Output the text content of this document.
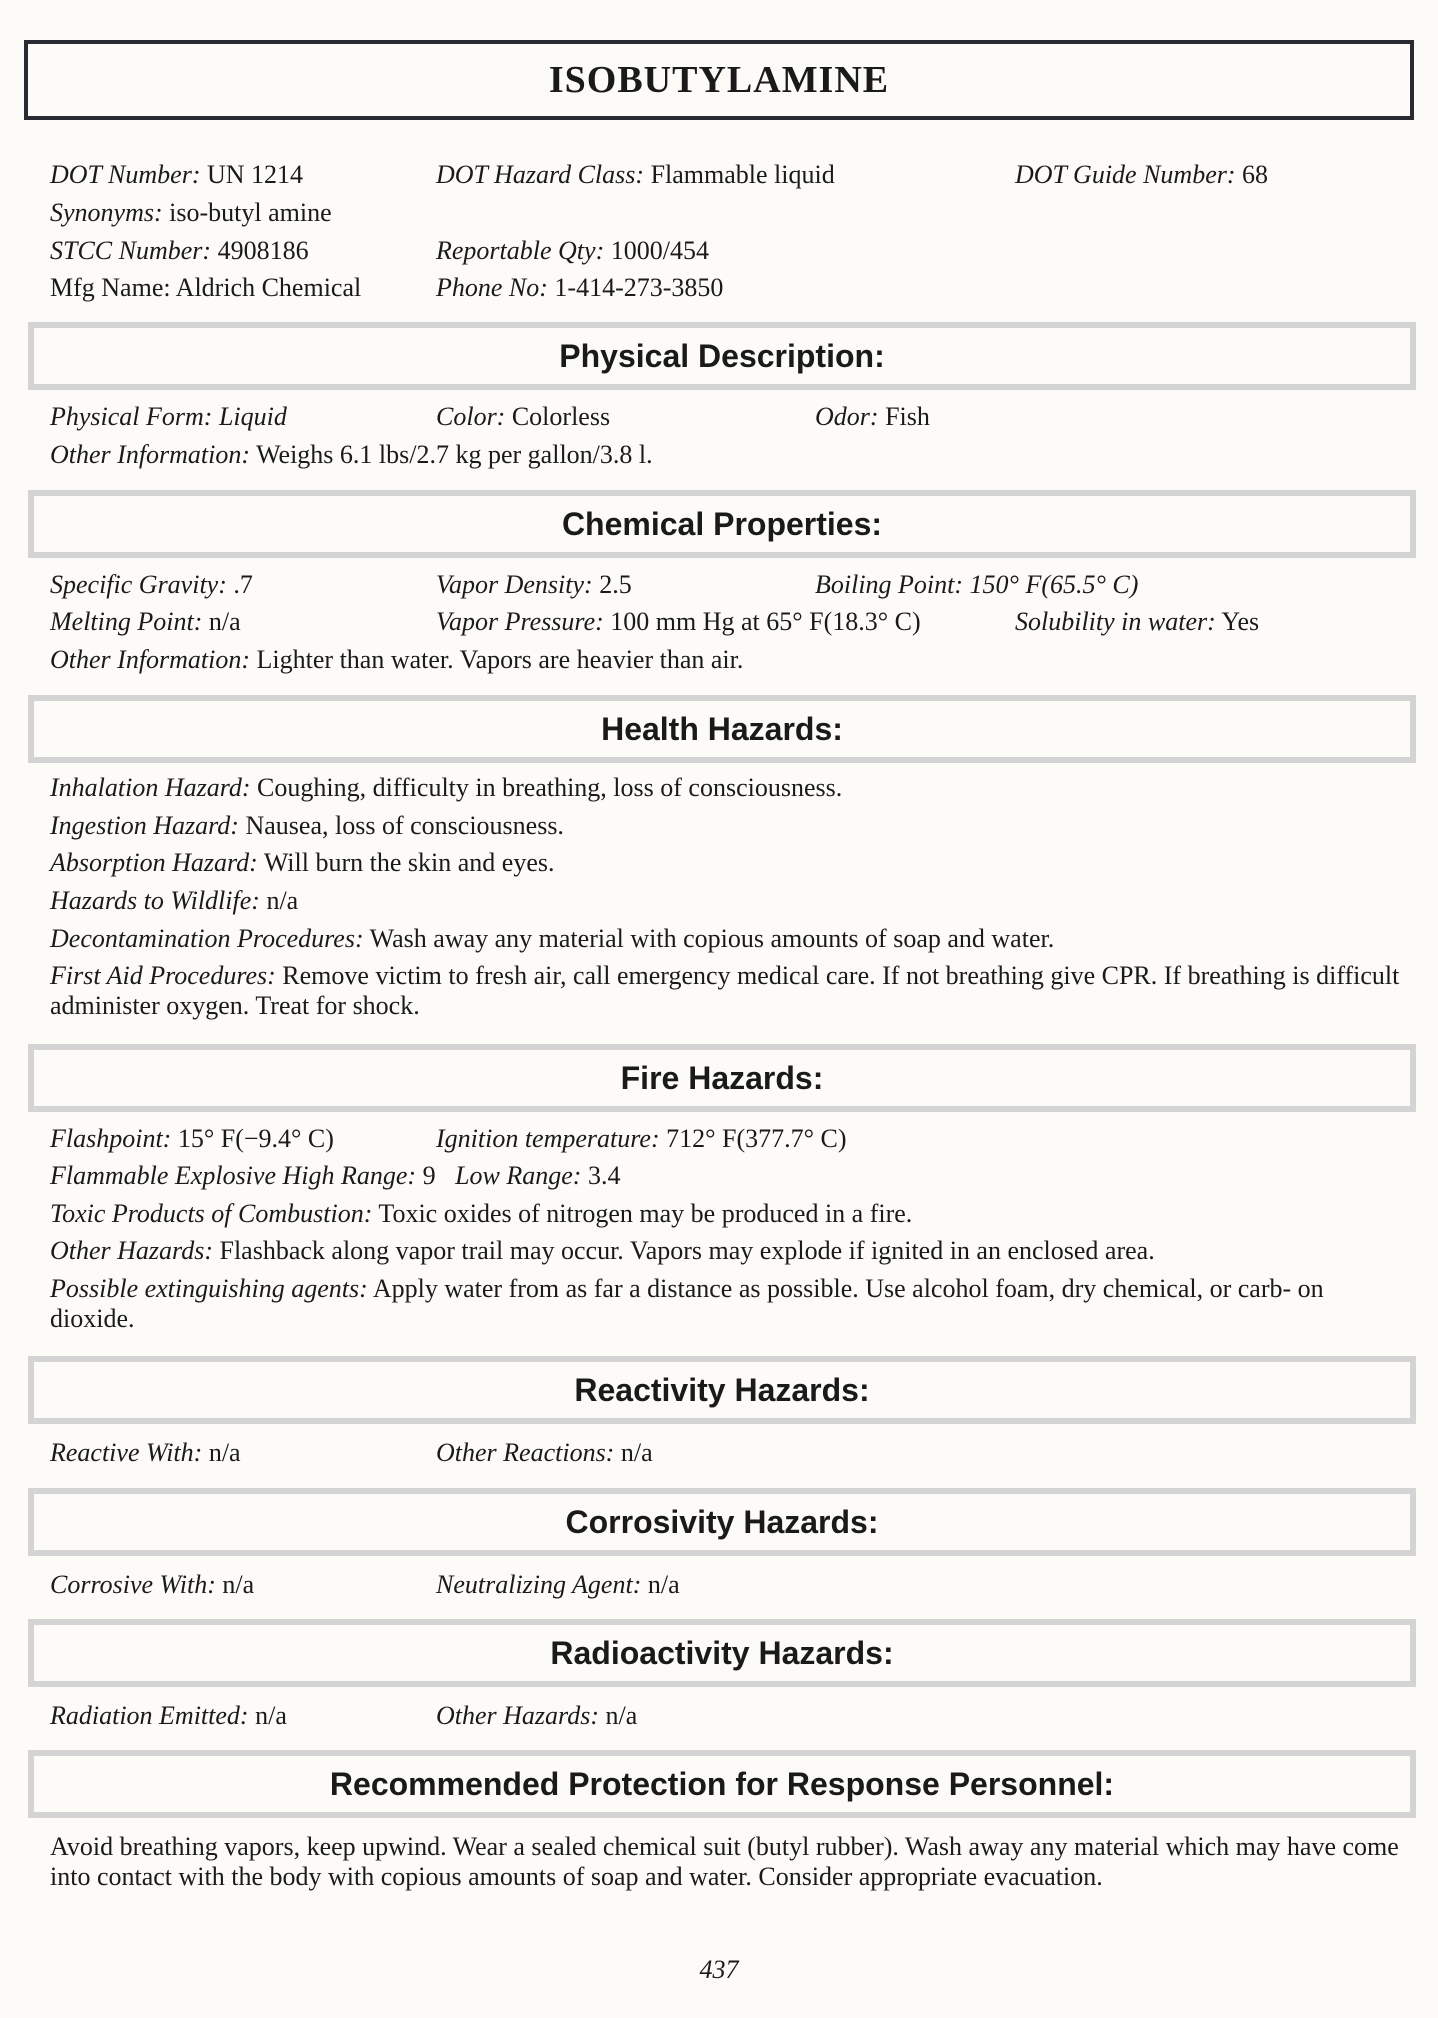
ISOBUTYLAMINE
DOT Number: UN 1214	DOT Hazard Class: Flammable liquid	DOT Guide Number: 68
Synonyms: iso-butyl amine
STCC Number: 4908186	Reportable Qty: 1000/454
Mfg Name: Aldrich Chemical	Phone No: 1-414-273-3850
Physical Description:
Physical Form: Liquid	Color: Colorless	Odor: Fish
Other Information: Weighs 6.1 lbs/2.7 kg per gallon/3.8 l.
Chemical Properties:
Specific Gravity: .7	Vapor Density: 2.5	Boiling Point: 150° F(65.5° C)
Melting Point: n/a	Vapor Pressure: 100 mm Hg at 65° F(18.3° C)	Solubility in water: Yes
Other Information: Lighter than water. Vapors are heavier than air.
Health Hazards:
Inhalation Hazard: Coughing, difficulty in breathing, loss of consciousness.
Ingestion Hazard: Nausea, loss of consciousness.
Absorption Hazard: Will burn the skin and eyes.
Hazards to Wildlife: n/a
Decontamination Procedures: Wash away any material with copious amounts of soap and water.
First Aid Procedures: Remove victim to fresh air, call emergency medical care. If not breathing give CPR. If breathing is difficult administer oxygen. Treat for shock.
Fire Hazards:
Flashpoint: 15° F(−9.4° C)	Ignition temperature: 712° F(377.7° C)
Flammable Explosive High Range: 9 Low Range: 3.4
Toxic Products of Combustion: Toxic oxides of nitrogen may be produced in a fire.
Other Hazards: Flashback along vapor trail may occur. Vapors may explode if ignited in an enclosed area.
Possible extinguishing agents: Apply water from as far a distance as possible. Use alcohol foam, dry chemical, or carb- on dioxide.
Reactivity Hazards:
Reactive With: n/a	Other Reactions: n/a
Corrosivity Hazards:
Corrosive With: n/a	Neutralizing Agent: n/a
Radioactivity Hazards:
Radiation Emitted: n/a	Other Hazards: n/a
Recommended Protection for Response Personnel:
Avoid breathing vapors, keep upwind. Wear a sealed chemical suit (butyl rubber). Wash away any material which may have come into contact with the body with copious amounts of soap and water. Consider appropriate evacuation.
437
